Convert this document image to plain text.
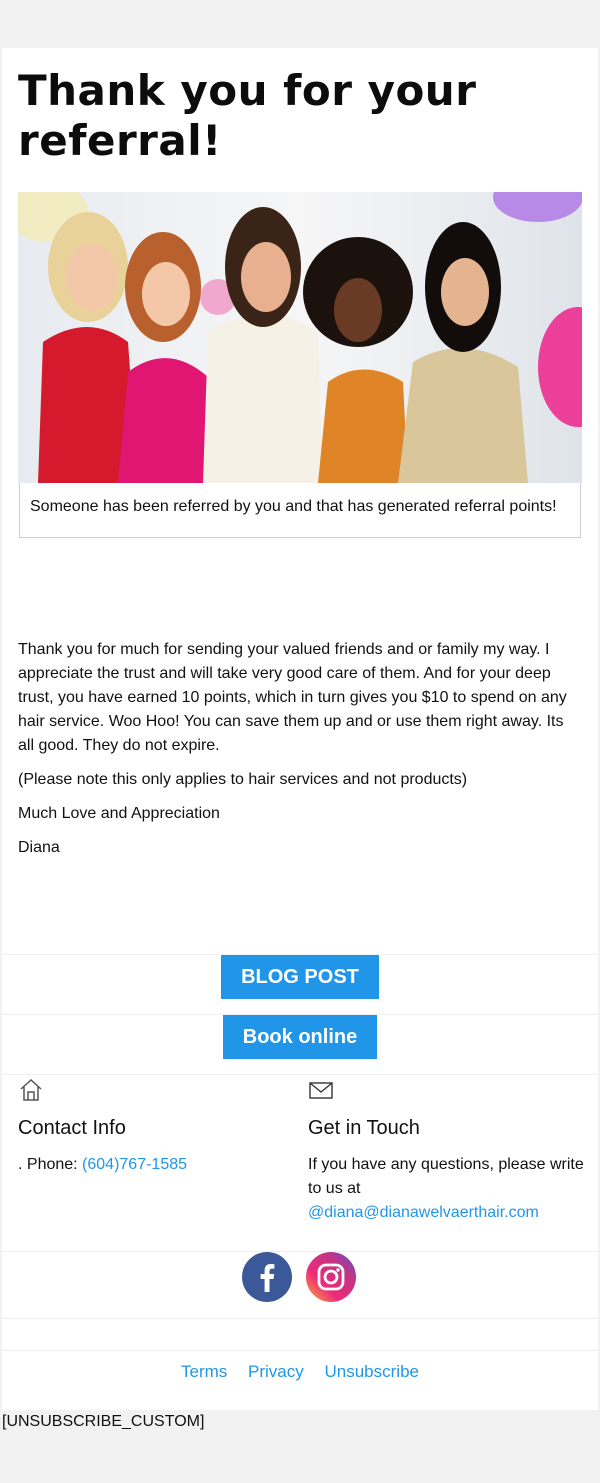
Thank you for your referral!
Someone has been referred by you and that has generated referral points!

Thank you for much for sending your valued friends and or family my way. I appreciate the trust and will take very good care of them. And for your deep trust, you have earned 10 points, which in turn gives you $10 to spend on any hair service. Woo Hoo! You can save them up and or use them right away. Its all good. They do not expire.

(Please note this only applies to hair services and not products)

Much Love and Appreciation

Diana

BLOG POST
Book online
Contact Info
. Phone: (604)767-1585
Get in Touch
If you have any questions, please write to us at
@diana@dianawelvaerthair.com
Terms Privacy Unsubscribe
[UNSUBSCRIBE_CUSTOM]
